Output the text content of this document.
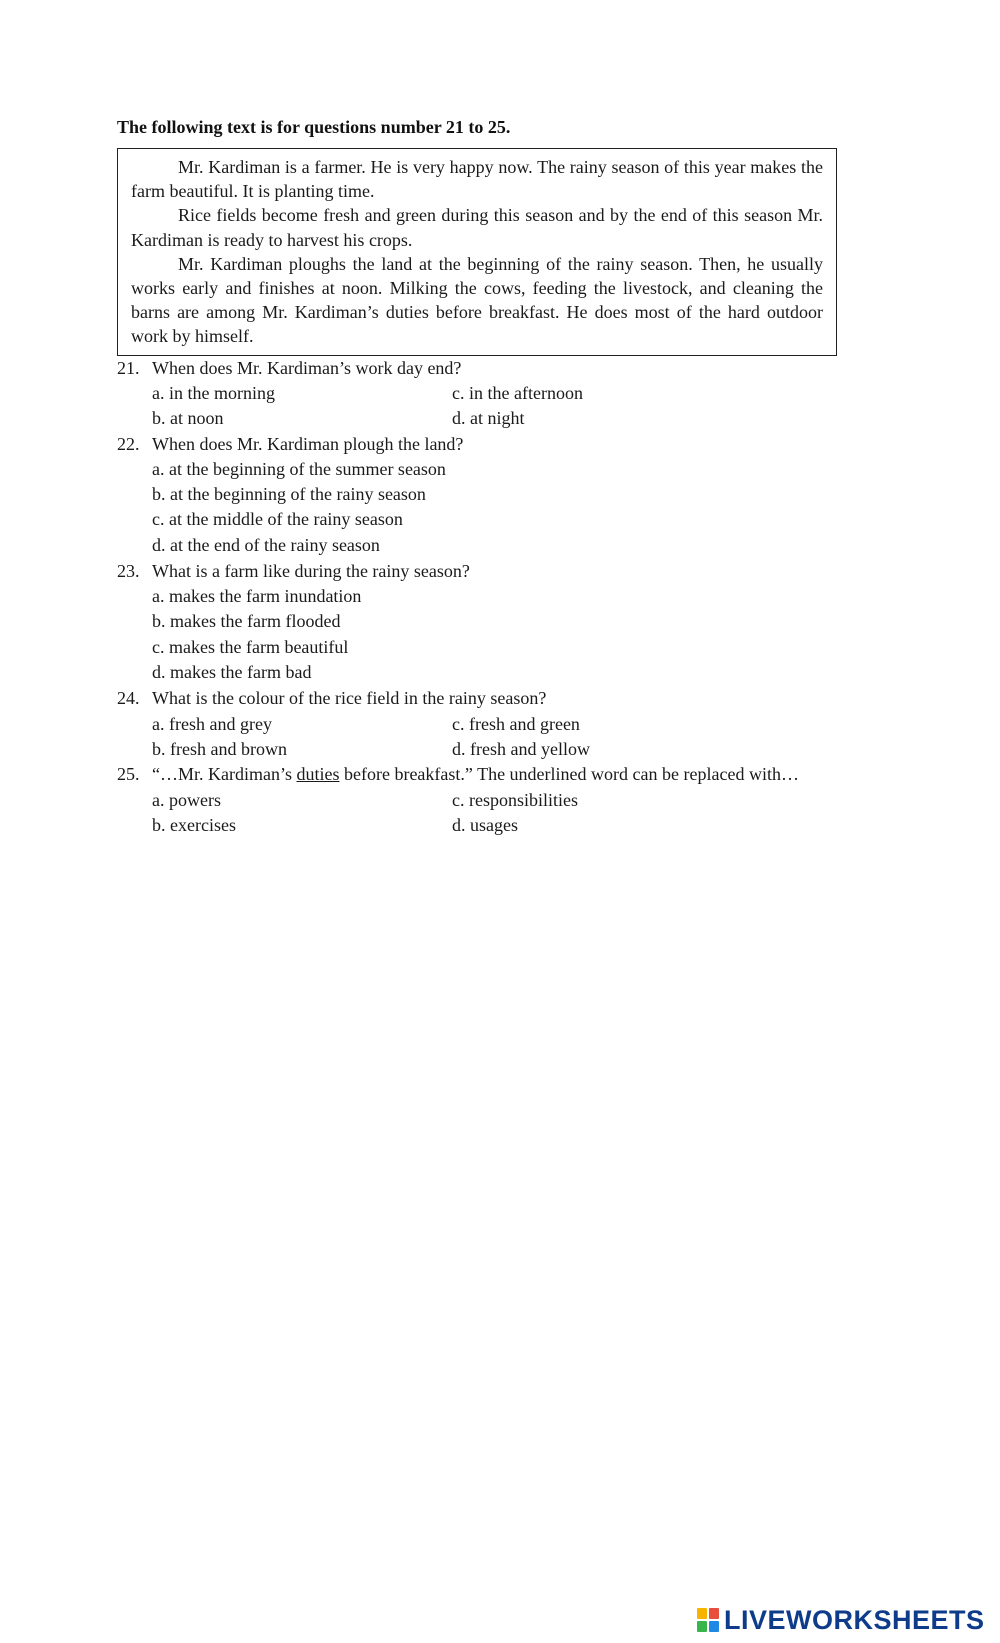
The following text is for questions number 21 to 25.

Mr. Kardiman is a farmer. He is very happy now. The rainy season of this year makes the farm beautiful. It is planting time.

Rice fields become fresh and green during this season and by the end of this season Mr. Kardiman is ready to harvest his crops.

Mr. Kardiman ploughs the land at the beginning of the rainy season. Then, he usually works early and finishes at noon. Milking the cows, feeding the livestock, and cleaning the barns are among Mr. Kardiman’s duties before breakfast. He does most of the hard outdoor work by himself.

21. When does Mr. Kardiman’s work day end?
a. in the morning
b. at noon
c. in the afternoon
d. at night
22. When does Mr. Kardiman plough the land?
a. at the beginning of the summer season
b. at the beginning of the rainy season
c. at the middle of the rainy season
d. at the end of the rainy season
23. What is a farm like during the rainy season?
a. makes the farm inundation
b. makes the farm flooded
c. makes the farm beautiful
d. makes the farm bad
24. What is the colour of the rice field in the rainy season?
a. fresh and grey
b. fresh and brown
c. fresh and green
d. fresh and yellow
25. “…Mr. Kardiman’s duties before breakfast.” The underlined word can be replaced with…
a. powers
b. exercises
c. responsibilities
d. usages
LIVEWORKSHEETS
